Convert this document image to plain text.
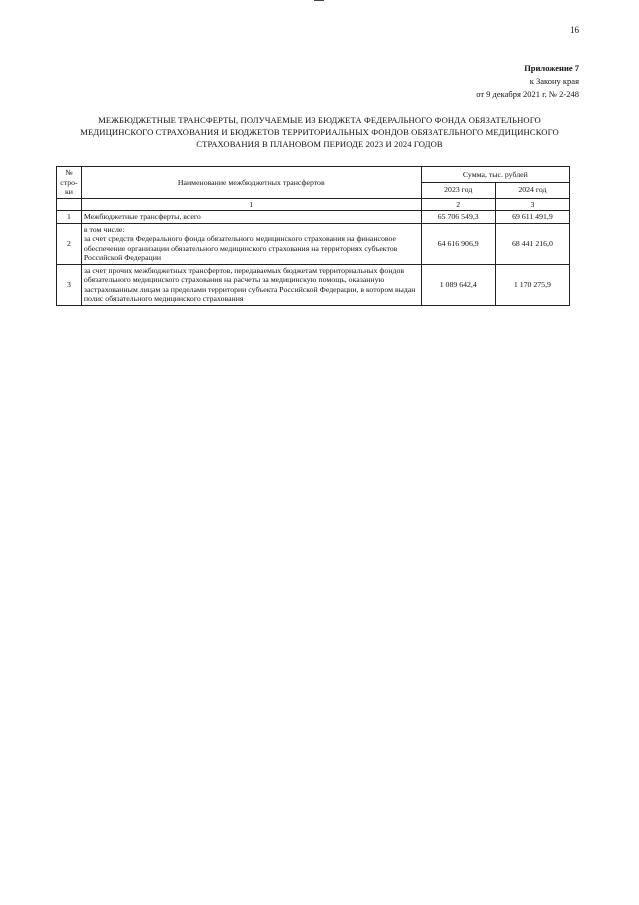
16
Приложение 7
к Закону края
от 9 декабря 2021 г. № 2-248
МЕЖБЮДЖЕТНЫЕ ТРАНСФЕРТЫ, ПОЛУЧАЕМЫЕ ИЗ БЮДЖЕТА ФЕДЕРАЛЬНОГО ФОНДА ОБЯЗАТЕЛЬНОГО
МЕДИЦИНСКОГО СТРАХОВАНИЯ И БЮДЖЕТОВ ТЕРРИТОРИАЛЬНЫХ ФОНДОВ ОБЯЗАТЕЛЬНОГО МЕДИЦИНСКОГО
СТРАХОВАНИЯ В ПЛАНОВОМ ПЕРИОДЕ 2023 И 2024 ГОДОВ
№ стро-ки	Наименование межбюджетных трансфертов	Сумма, тыс. рублей	
		2023 год	2024 год
	1	2	3
1	Межбюджетные трансферты, всего	65 706 549,3	69 611 491,9
2	в том числе:
за счет средств Федерального фонда обязательного медицинского страхования на финансовое обеспечение организации обязательного медицинского страхования на территориях субъектов Российской Федерации	64 616 906,9	68 441 216,0
3	за счет прочих межбюджетных трансфертов, передаваемых бюджетам территориальных фондов обязательного медицинского страхования на расчеты за медицинскую помощь, оказанную застрахованным лицам за пределами территории субъекта Российской Федерации, в котором выдан полис обязательного медицинского страхования	1 089 642,4	1 170 275,9
